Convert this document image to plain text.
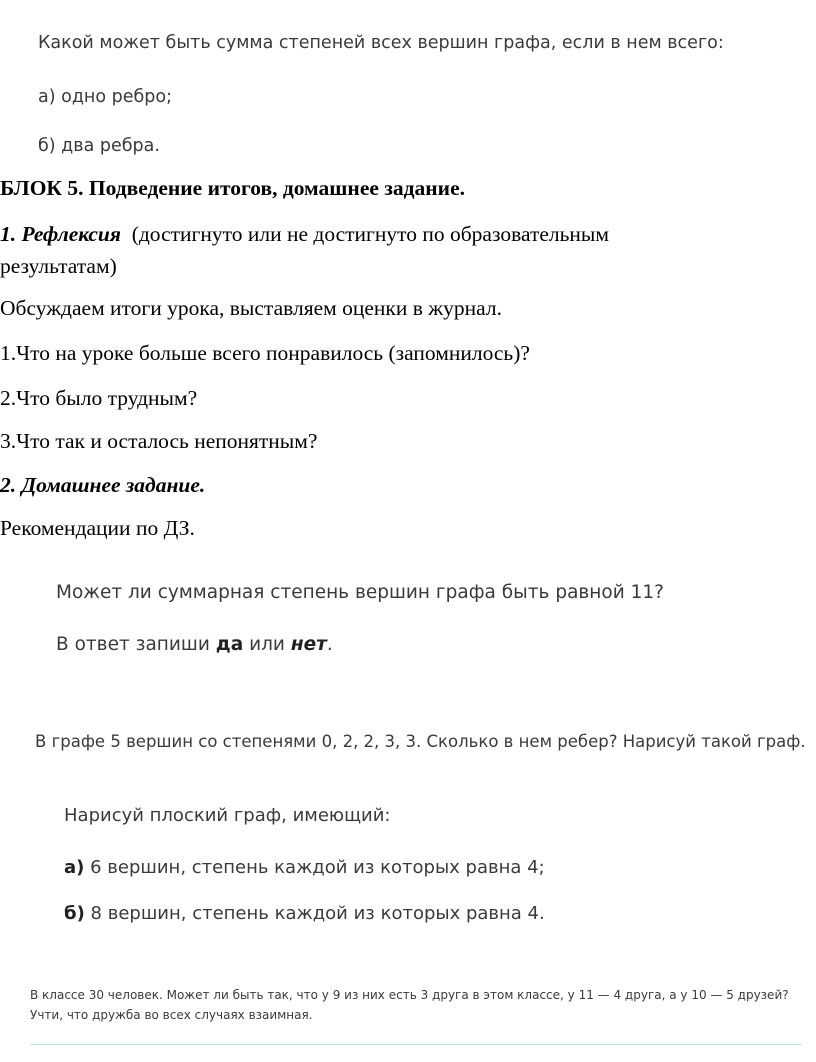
Какой может быть сумма степеней всех вершин графа, если в нем всего:
а) одно ребро;
б) два ребра.
БЛОК 5. Подведение итогов, домашнее задание.
1. Рефлексия (достигнуто или не достигнуто по образовательным
результатам)
Обсуждаем итоги урока, выставляем оценки в журнал.
1.Что на уроке больше всего понравилось (запомнилось)?
2.Что было трудным?
3.Что так и осталось непонятным?
2. Домашнее задание.
Рекомендации по ДЗ.
Может ли суммарная степень вершин графа быть равной 11?
В ответ запиши да или нет.
В графе 5 вершин со степенями 0, 2, 2, 3, 3. Сколько в нем ребер? Нарисуй такой граф.
Нарисуй плоский граф, имеющий:
а) 6 вершин, степень каждой из которых равна 4;
б) 8 вершин, степень каждой из которых равна 4.
В классе 30 человек. Может ли быть так, что у 9 из них есть 3 друга в этом классе, у 11 — 4 друга, а у 10 — 5 друзей?
Учти, что дружба во всех случаях взаимная.
